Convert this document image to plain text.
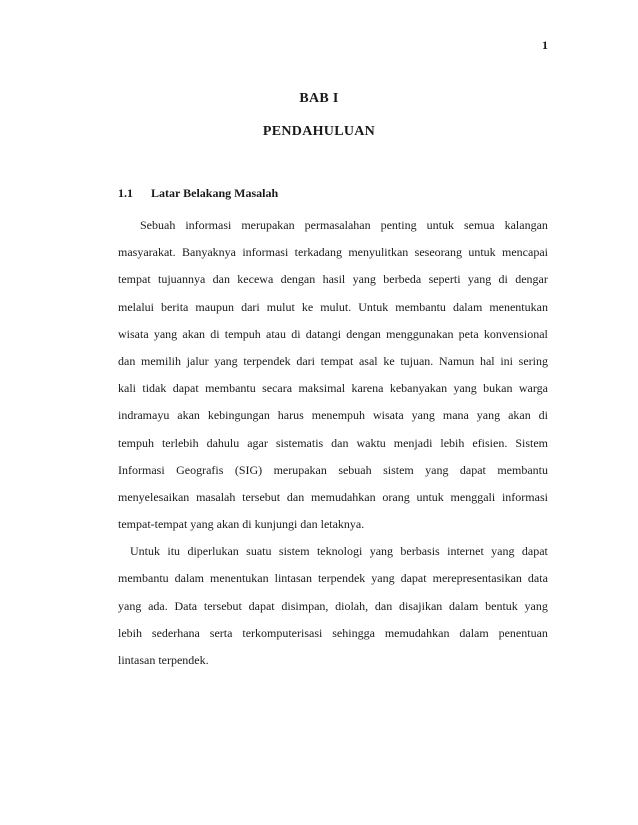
1
BAB I
PENDAHULUAN
1.1 Latar Belakang Masalah
Sebuah informasi merupakan permasalahan penting untuk semua kalangan
masyarakat. Banyaknya informasi terkadang menyulitkan seseorang untuk mencapai
tempat tujuannya dan kecewa dengan hasil yang berbeda seperti yang di dengar
melalui berita maupun dari mulut ke mulut. Untuk membantu dalam menentukan
wisata yang akan di tempuh atau di datangi dengan menggunakan peta konvensional
dan memilih jalur yang terpendek dari tempat asal ke tujuan. Namun hal ini sering
kali tidak dapat membantu secara maksimal karena kebanyakan yang bukan warga
indramayu akan kebingungan harus menempuh wisata yang mana yang akan di
tempuh terlebih dahulu agar sistematis dan waktu menjadi lebih efisien. Sistem
Informasi Geografis (SIG) merupakan sebuah sistem yang dapat membantu
menyelesaikan masalah tersebut dan memudahkan orang untuk menggali informasi
tempat-tempat yang akan di kunjungi dan letaknya.
Untuk itu diperlukan suatu sistem teknologi yang berbasis internet yang dapat
membantu dalam menentukan lintasan terpendek yang dapat merepresentasikan data
yang ada. Data tersebut dapat disimpan, diolah, dan disajikan dalam bentuk yang
lebih sederhana serta terkomputerisasi sehingga memudahkan dalam penentuan
lintasan terpendek.
